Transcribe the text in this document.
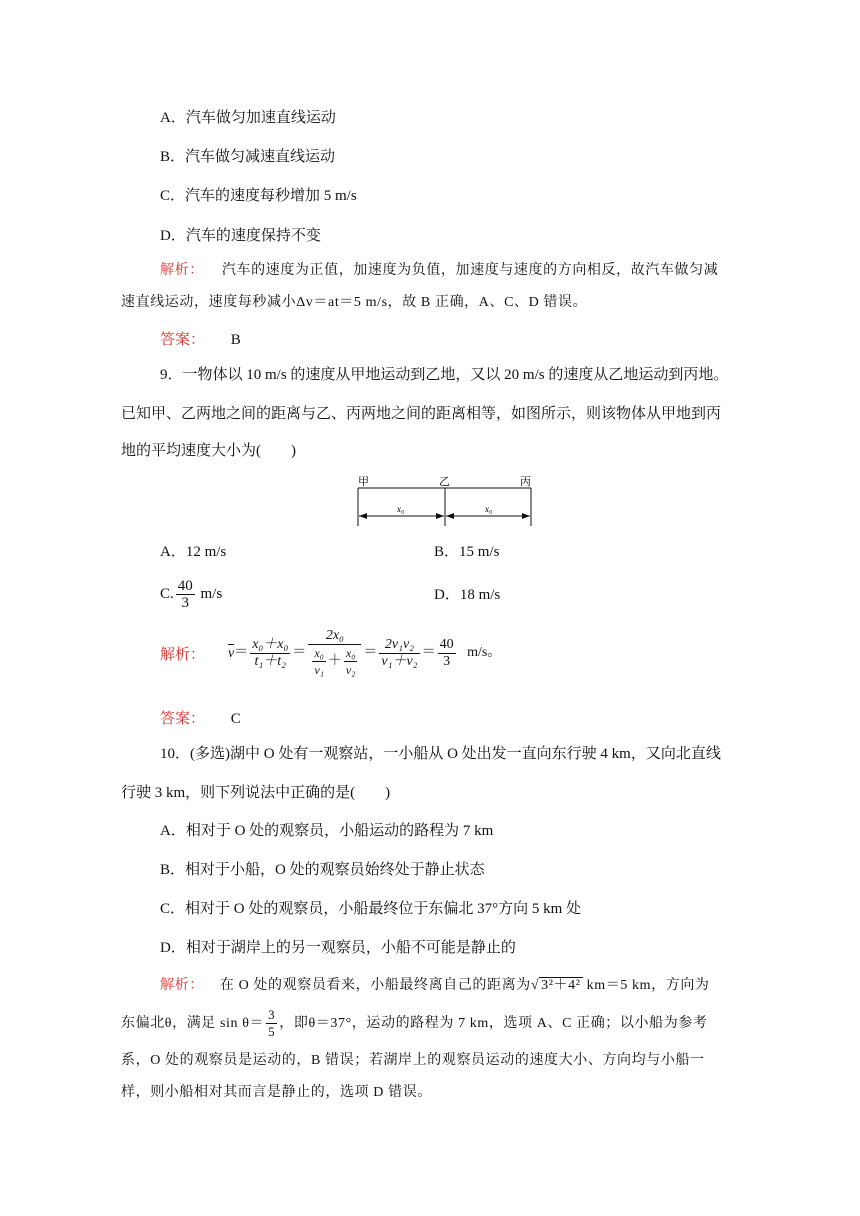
A．汽车做匀加速直线运动
B．汽车做匀减速直线运动
C．汽车的速度每秒增加 5 m/s
D．汽车的速度保持不变
解析： 汽车的速度为正值，加速度为负值，加速度与速度的方向相反，故汽车做匀减
速直线运动，速度每秒减小Δv＝at＝5 m/s，故 B 正确，A、C、D 错误。
答案： B
9．一物体以 10 m/s 的速度从甲地运动到乙地，又以 20 m/s 的速度从乙地运动到丙地。
已知甲、乙两地之间的距离与乙、丙两地之间的距离相等，如图所示，则该物体从甲地到丙
地的平均速度大小为(　　)
甲	乙	丙
x₀	x₀
A．12 m/s	B．15 m/s
C. $\frac{40}{3} m/s$	D．18 m/s
解析： $v= \frac{\text{x₀＋x₀}}{\text{t₁＋t₂}} = \frac{\text{2x₀}}{\frac{\text{x₀}}{\text{v₁}} + \frac{\text{x₀}}{\text{v₂}}} = \frac{\text{2v₁v₂}}{\text{v₁＋v₂}} = \frac{40}{3} m/s$。
答案： C
10．(多选)湖中 O 处有一观察站，一小船从 O 处出发一直向东行驶 4 km，又向北直线
行驶 3 km，则下列说法中正确的是(　　)
A．相对于 O 处的观察员，小船运动的路程为 7 km
B．相对于小船，O 处的观察员始终处于静止状态
C．相对于 O 处的观察员，小船最终位于东偏北 37°方向 5 km 处
D．相对于湖岸上的另一观察员，小船不可能是静止的
解析： 在 O 处的观察员看来，小船最终离自己的距离为√ 3²＋4² km＝5 km，方向为
东偏北θ，满足 $\sin \theta= \frac{3}{5}$ ，即θ＝37°，运动的路程为 7 km，选项 A、C 正确；以小船为参考
系，O 处的观察员是运动的，B 错误；若湖岸上的观察员运动的速度大小、方向均与小船一
样，则小船相对其而言是静止的，选项 D 错误。
